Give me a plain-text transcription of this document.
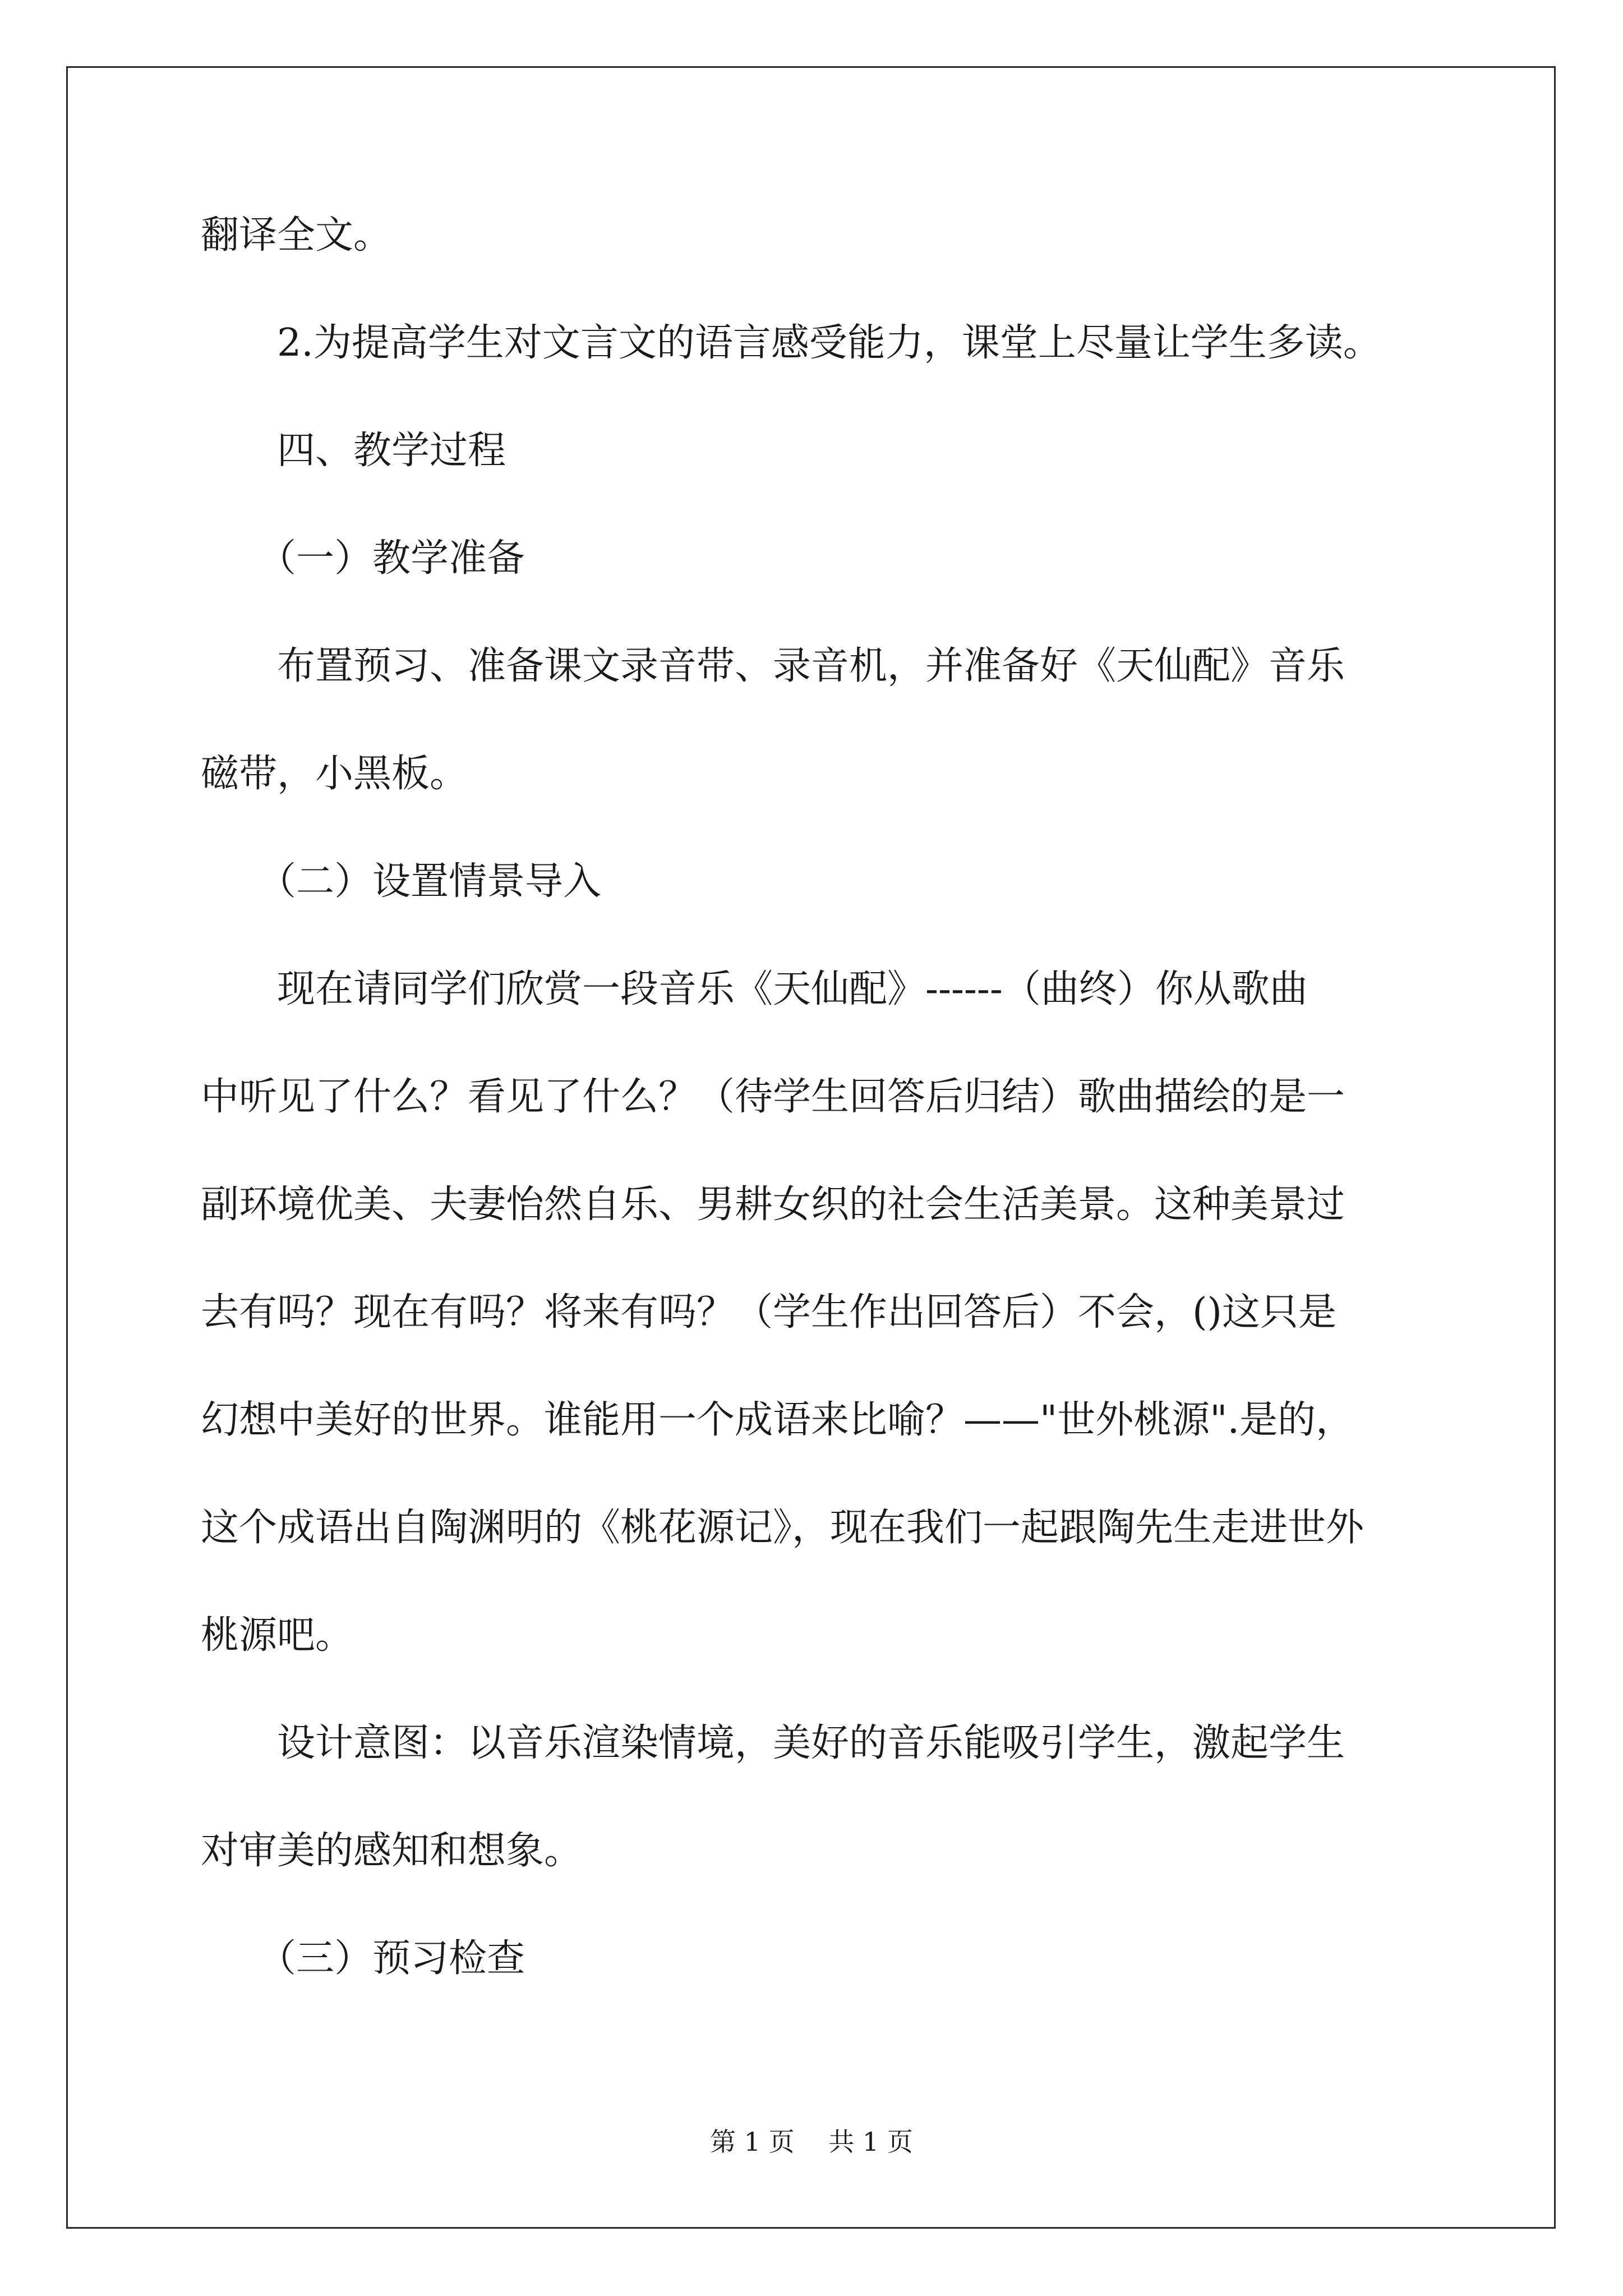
翻译全文。
　　2.为提高学生对文言文的语言感受能力，课堂上尽量让学生多读。
　　四、教学过程
　　（一）教学准备
　　布置预习、准备课文录音带、录音机，并准备好《天仙配》音乐
磁带，小黑板。
　　（二）设置情景导入
　　现在请同学们欣赏一段音乐《天仙配》------（曲终）你从歌曲
中听见了什么？看见了什么？（待学生回答后归结）歌曲描绘的是一
副环境优美、夫妻怡然自乐、男耕女织的社会生活美景。这种美景过
去有吗？现在有吗？将来有吗？（学生作出回答后）不会，()这只是
幻想中美好的世界。谁能用一个成语来比喻？——"世外桃源".是的，
这个成语出自陶渊明的《桃花源记》，现在我们一起跟陶先生走进世外
桃源吧。
　　设计意图：以音乐渲染情境，美好的音乐能吸引学生，激起学生
对审美的感知和想象。
　　（三）预习检查
第 1 页　 共 1 页
